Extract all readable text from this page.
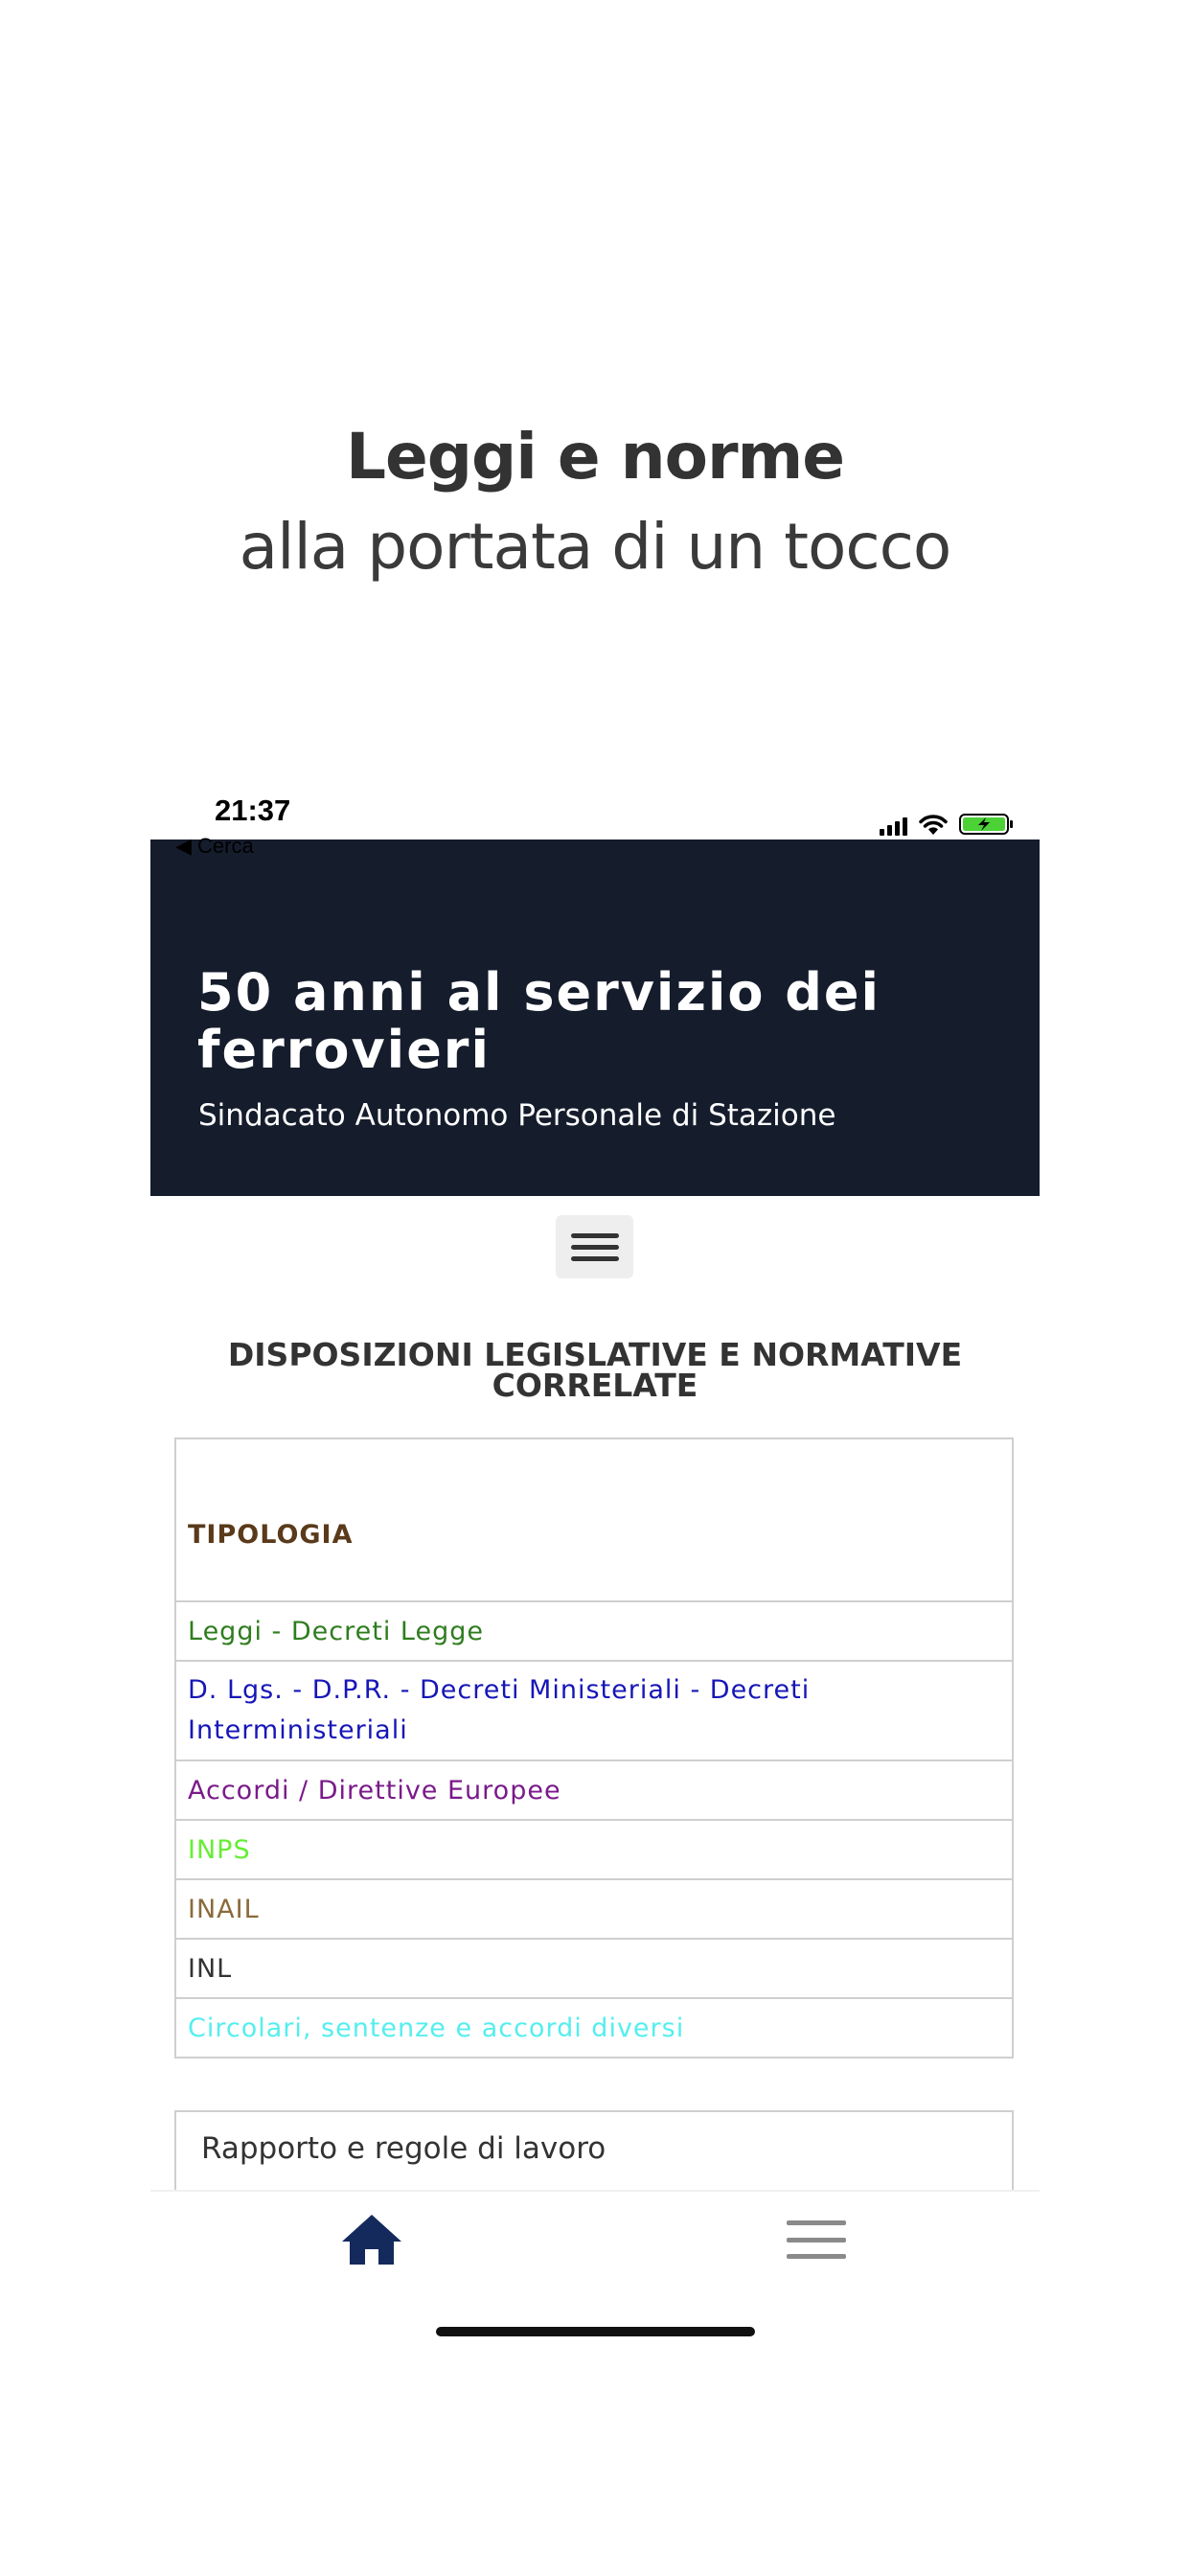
Leggi e norme
alla portata di un tocco
21:37
◀ Cerca
50 anni al servizio dei ferrovieri
Sindacato Autonomo Personale di Stazione
DISPOSIZIONI LEGISLATIVE E NORMATIVE CORRELATE
TIPOLOGIA
Leggi - Decreti Legge
D. Lgs. - D.P.R. - Decreti Ministeriali - Decreti Interministeriali
Accordi / Direttive Europee
INPS
INAIL
INL
Circolari, sentenze e accordi diversi
Rapporto e regole di lavoro
